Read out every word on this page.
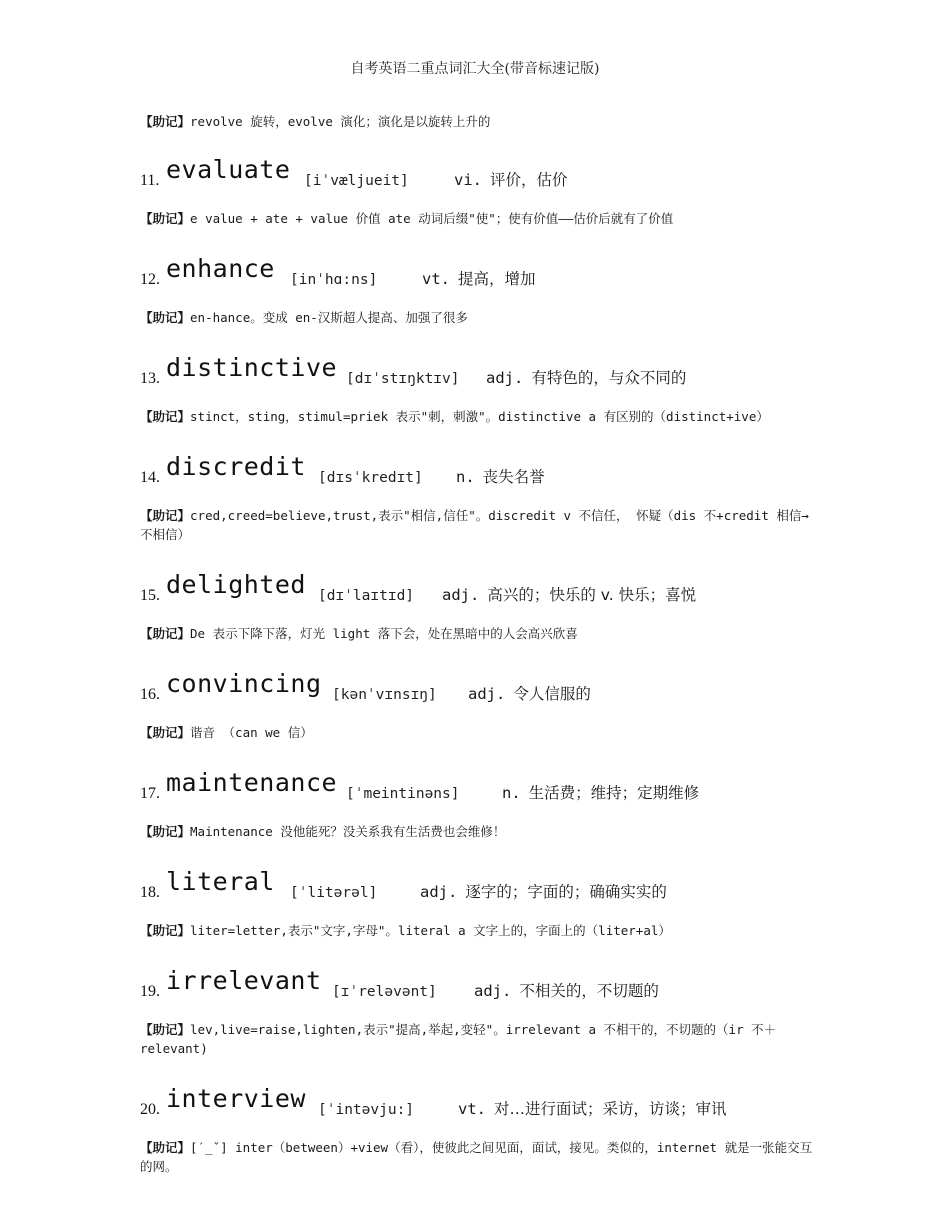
自考英语二重点词汇大全(带音标速记版)
【助记】revolve 旋转，evolve 演化；演化是以旋转上升的
11. evaluate [iˈvæljueit]	vi. 评价，估价
【助记】e value + ate + value 价值 ate 动词后缀"使"；使有价值——估价后就有了价值
12. enhance [inˈhɑ:ns]	vt. 提高，增加
【助记】en-hance。变成 en-汉斯超人提高、加强了很多
13. distinctive [dɪˈstɪŋktɪv] adj. 有特色的，与众不同的
【助记】stinct，sting，stimul=priek 表示"刺，刺激"。distinctive a 有区别的（distinct+ive）
14. discredit [dɪsˈkredɪt] n. 丧失名誉
【助记】cred,creed=believe,trust,表示"相信,信任"。discredit v 不信任， 怀疑（dis 不+credit 相信→不相信）
15. delighted [dɪˈlaɪtɪd] adj. 高兴的；快乐的 v. 快乐；喜悦
【助记】De 表示下降下落，灯光 light 落下会，处在黑暗中的人会高兴欣喜
16. convincing [kənˈvɪnsɪŋ] adj. 令人信服的
【助记】谐音 （can we 信）
17. maintenance [ˈmeintinəns]	n. 生活费；维持；定期维修
【助记】Maintenance 没他能死？没关系我有生活费也会维修！
18. literal [ˈlitərəl]	adj. 逐字的；字面的；确确实实的
【助记】liter=letter,表示"文字,字母"。literal a 文字上的，字面上的（liter+al）
19. irrelevant [ɪˈreləvənt] adj. 不相关的，不切题的
【助记】lev,live=raise,lighten,表示"提高,举起,变轻"。irrelevant a 不相干的，不切题的（ir 不＋relevant)
20. interview [ˈintəvju:]	vt. 对…进行面试；采访，访谈；审讯
【助记】[ˊ_ˇ] inter（between）+view（看），使彼此之间见面，面试，接见。类似的，internet 就是一张能交互的网。
